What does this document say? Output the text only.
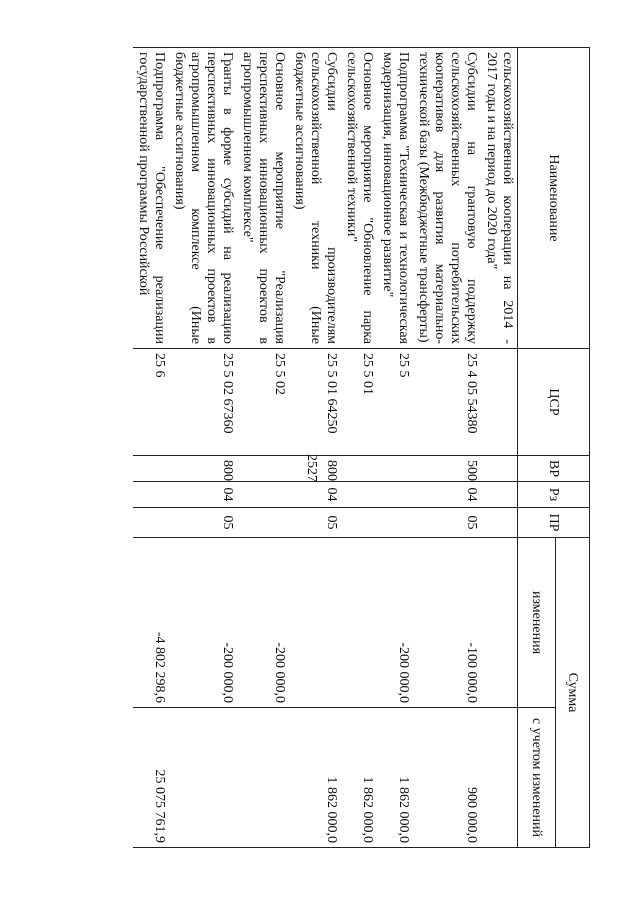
2527
Наименование	ЦСР	ВР	Рз	ПР	Сумма	
					изменения	с учетом изменений
сельскохозяйственной кооперации на 2014 - 2017 годы и на период до 2020 года"						
Субсидии на грантовую поддержку сельскохозяйственных потребительских кооперативов для развития материально-технической базы (Межбюджетные трансферты)	25 4 05 54380	500	04	05	-100 000,0	900 000,0
Подпрограмма "Техническая и технологическая модернизация, инновационное развитие"	25 5				-200 000,0	1 862 000,0
Основное мероприятие "Обновление парка сельскохозяйственной техники"	25 5 01					1 862 000,0
Субсидии производителям сельскохозяйственной техники (Иные бюджетные ассигнования)	25 5 01 64250	800	04	05		1 862 000,0
Основное мероприятие "Реализация перспективных инновационных проектов в агропромышленном комплексе"	25 5 02				-200 000,0	
Гранты в форме субсидий на реализацию перспективных инновационных проектов в агропромышленном комплексе (Иные бюджетные ассигнования)	25 5 02 67360	800	04	05	-200 000,0	
Подпрограмма "Обеспечение реализации государственной программы Российской	25 6				-4 802 298,6	25 075 761,9
